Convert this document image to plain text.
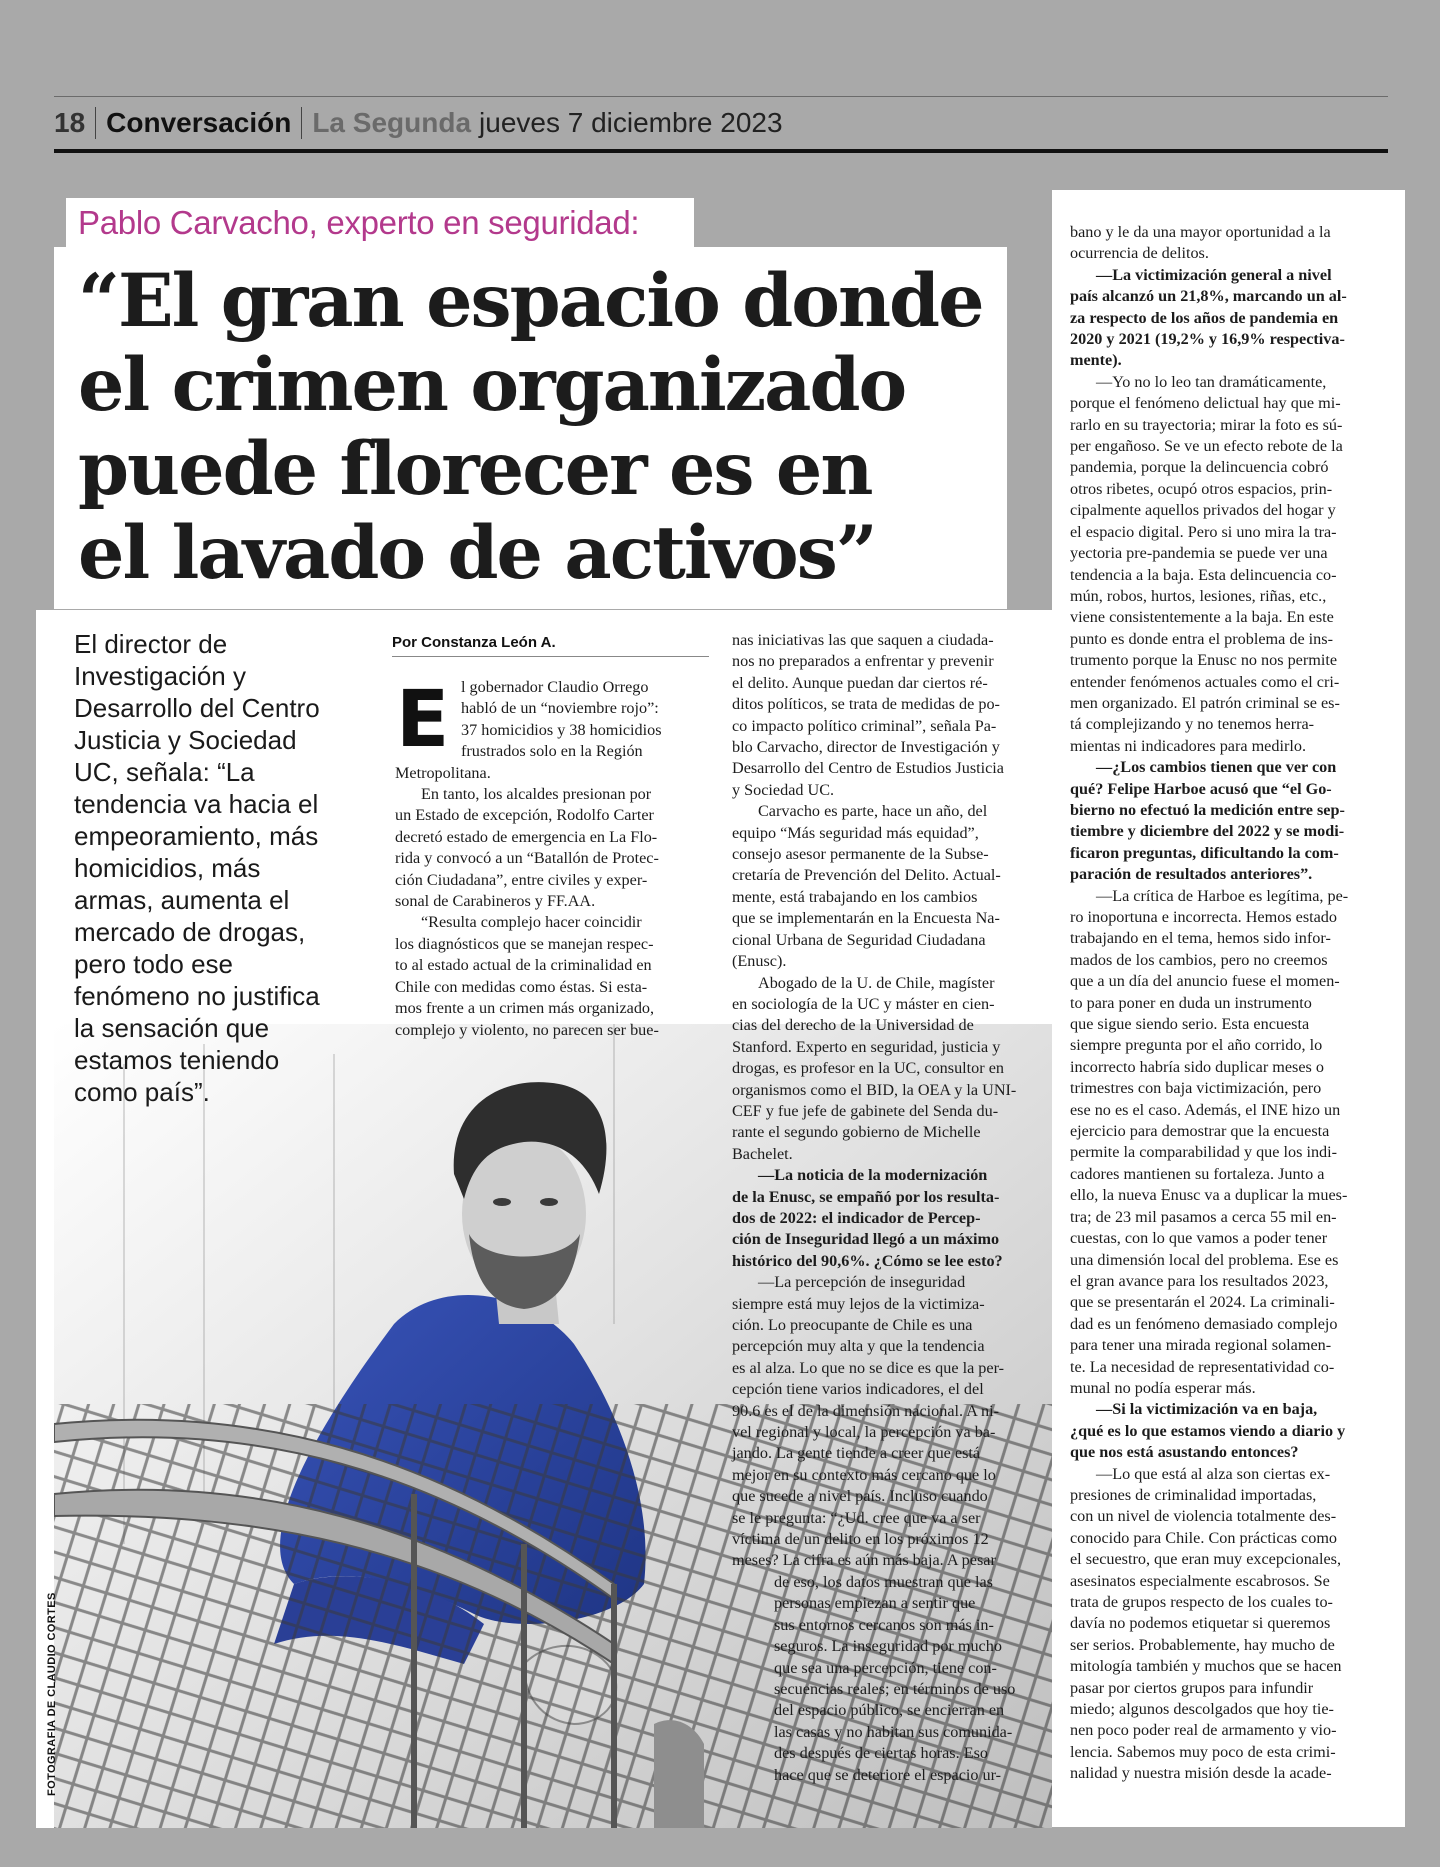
18 Conversación La Segunda jueves 7 diciembre 2023
Pablo Carvacho, experto en seguridad:
“El gran espacio donde
el crimen organizado
puede florecer es en
el lavado de activos”
FOTOGRAFIA DE CLAUDIO CORTES
El director de
Investigación y
Desarrollo del Centro
Justicia y Sociedad
UC, señala: “La
tendencia va hacia el
empeoramiento, más
homicidios, más
armas, aumenta el
mercado de drogas,
pero todo ese
fenómeno no justifica
la sensación que
estamos teniendo
como país”.
Por Constanza León A.
E l gobernador Claudio Orrego
habló de un “noviembre rojo”:
37 homicidios y 38 homicidios
frustrados solo en la Región
Metropolitana.
En tanto, los alcaldes presionan por
un Estado de excepción, Rodolfo Carter
decretó estado de emergencia en La Flo-
rida y convocó a un “Batallón de Protec-
ción Ciudadana”, entre civiles y exper-
sonal de Carabineros y FF.AA.
“Resulta complejo hacer coincidir
los diagnósticos que se manejan respec-
to al estado actual de la criminalidad en
Chile con medidas como éstas. Si esta-
mos frente a un crimen más organizado,
complejo y violento, no parecen ser bue-
nas iniciativas las que saquen a ciudada-
nos no preparados a enfrentar y prevenir
el delito. Aunque puedan dar ciertos ré-
ditos políticos, se trata de medidas de po-
co impacto político criminal”, señala Pa-
blo Carvacho, director de Investigación y
Desarrollo del Centro de Estudios Justicia
y Sociedad UC.
Carvacho es parte, hace un año, del
equipo “Más seguridad más equidad”,
consejo asesor permanente de la Subse-
cretaría de Prevención del Delito. Actual-
mente, está trabajando en los cambios
que se implementarán en la Encuesta Na-
cional Urbana de Seguridad Ciudadana
(Enusc).
Abogado de la U. de Chile, magíster
en sociología de la UC y máster en cien-
cias del derecho de la Universidad de
Stanford. Experto en seguridad, justicia y
drogas, es profesor en la UC, consultor en
organismos como el BID, la OEA y la UNI-
CEF y fue jefe de gabinete del Senda du-
rante el segundo gobierno de Michelle
Bachelet.
—La noticia de la modernización
de la Enusc, se empañó por los resulta-
dos de 2022: el indicador de Percep-
ción de Inseguridad llegó a un máximo
histórico del 90,6%. ¿Cómo se lee esto?
—La percepción de inseguridad
siempre está muy lejos de la victimiza-
ción. Lo preocupante de Chile es una
percepción muy alta y que la tendencia
es al alza. Lo que no se dice es que la per-
cepción tiene varios indicadores, el del
90.6 es el de la dimensión nacional. A ni-
vel regional y local, la percepción va ba-
jando. La gente tiende a creer que está
mejor en su contexto más cercano que lo
que sucede a nivel país. Incluso cuando
se le pregunta: “¿Ud. cree que va a ser
víctima de un delito en los próximos 12
meses? La cifra es aún más baja. A pesar
de eso, los datos muestran que las
personas empiezan a sentir que
sus entornos cercanos son más in-
seguros. La inseguridad por mucho
que sea una percepción, tiene con-
secuencias reales; en términos de uso
del espacio público, se encierran en
las casas y no habitan sus comunida-
des después de ciertas horas. Eso
hace que se deteriore el espacio ur-
bano y le da una mayor oportunidad a la
ocurrencia de delitos.
—La victimización general a nivel
país alcanzó un 21,8%, marcando un al-
za respecto de los años de pandemia en
2020 y 2021 (19,2% y 16,9% respectiva-
mente).
—Yo no lo leo tan dramáticamente,
porque el fenómeno delictual hay que mi-
rarlo en su trayectoria; mirar la foto es sú-
per engañoso. Se ve un efecto rebote de la
pandemia, porque la delincuencia cobró
otros ribetes, ocupó otros espacios, prin-
cipalmente aquellos privados del hogar y
el espacio digital. Pero si uno mira la tra-
yectoria pre-pandemia se puede ver una
tendencia a la baja. Esta delincuencia co-
mún, robos, hurtos, lesiones, riñas, etc.,
viene consistentemente a la baja. En este
punto es donde entra el problema de ins-
trumento porque la Enusc no nos permite
entender fenómenos actuales como el cri-
men organizado. El patrón criminal se es-
tá complejizando y no tenemos herra-
mientas ni indicadores para medirlo.
—¿Los cambios tienen que ver con
qué? Felipe Harboe acusó que “el Go-
bierno no efectuó la medición entre sep-
tiembre y diciembre del 2022 y se modi-
ficaron preguntas, dificultando la com-
paración de resultados anteriores”.
—La crítica de Harboe es legítima, pe-
ro inoportuna e incorrecta. Hemos estado
trabajando en el tema, hemos sido infor-
mados de los cambios, pero no creemos
que a un día del anuncio fuese el momen-
to para poner en duda un instrumento
que sigue siendo serio. Esta encuesta
siempre pregunta por el año corrido, lo
incorrecto habría sido duplicar meses o
trimestres con baja victimización, pero
ese no es el caso. Además, el INE hizo un
ejercicio para demostrar que la encuesta
permite la comparabilidad y que los indi-
cadores mantienen su fortaleza. Junto a
ello, la nueva Enusc va a duplicar la mues-
tra; de 23 mil pasamos a cerca 55 mil en-
cuestas, con lo que vamos a poder tener
una dimensión local del problema. Ese es
el gran avance para los resultados 2023,
que se presentarán el 2024. La criminali-
dad es un fenómeno demasiado complejo
para tener una mirada regional solamen-
te. La necesidad de representatividad co-
munal no podía esperar más.
—Si la victimización va en baja,
¿qué es lo que estamos viendo a diario y
que nos está asustando entonces?
—Lo que está al alza son ciertas ex-
presiones de criminalidad importadas,
con un nivel de violencia totalmente des-
conocido para Chile. Con prácticas como
el secuestro, que eran muy excepcionales,
asesinatos especialmente escabrosos. Se
trata de grupos respecto de los cuales to-
davía no podemos etiquetar si queremos
ser serios. Probablemente, hay mucho de
mitología también y muchos que se hacen
pasar por ciertos grupos para infundir
miedo; algunos descolgados que hoy tie-
nen poco poder real de armamento y vio-
lencia. Sabemos muy poco de esta crimi-
nalidad y nuestra misión desde la acade-
